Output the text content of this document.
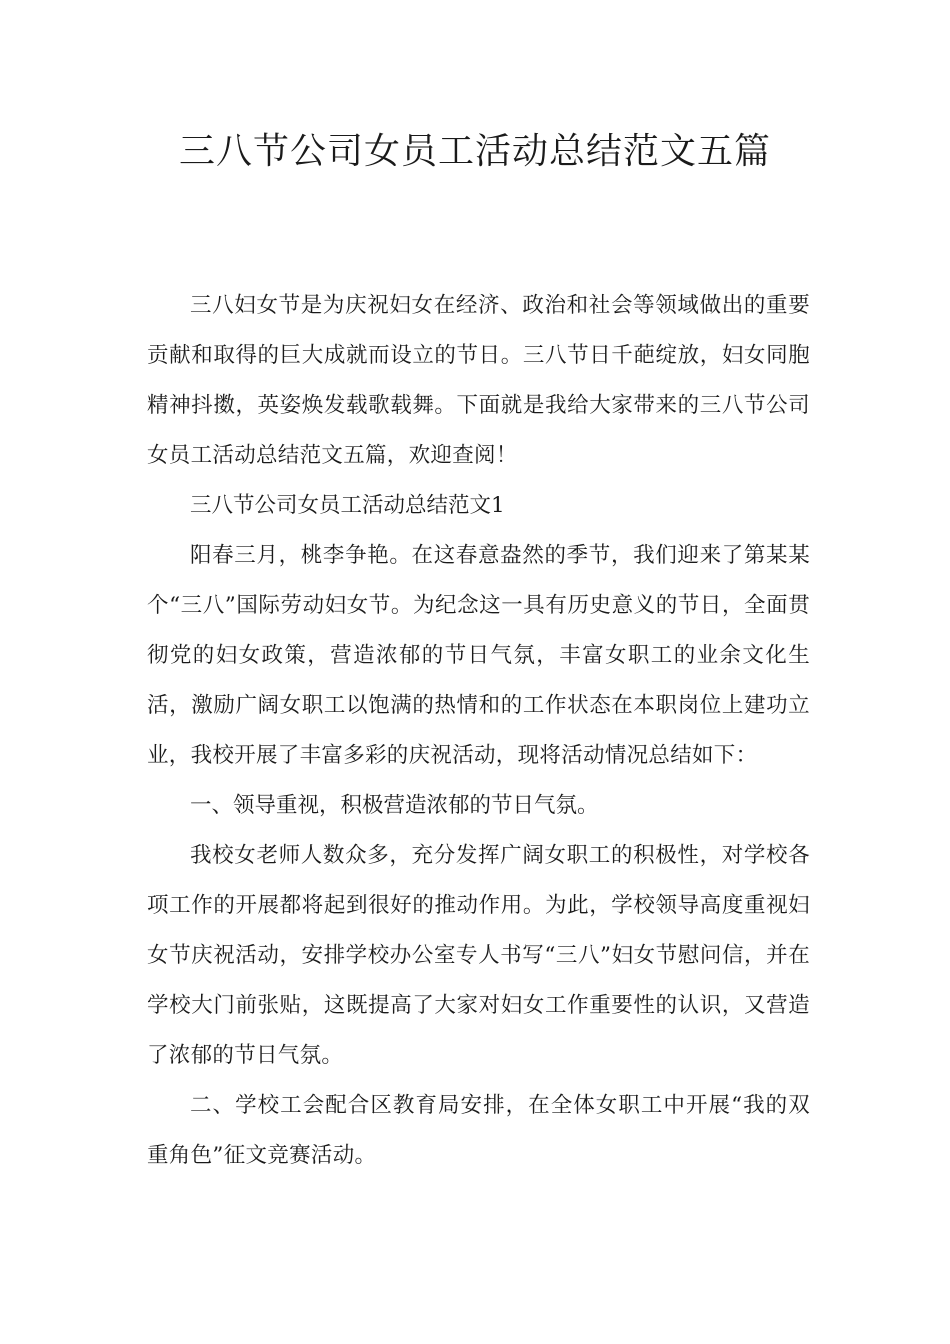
三八节公司女员工活动总结范文五篇

三八妇女节是为庆祝妇女在经济、政治和社会等领域做出的重要贡献和取得的巨大成就而设立的节日。三八节日千葩绽放，妇女同胞精神抖擞，英姿焕发载歌载舞。下面就是我给大家带来的三八节公司女员工活动总结范文五篇，欢迎查阅！

三八节公司女员工活动总结范文1

阳春三月，桃李争艳。在这春意盎然的季节，我们迎来了第某某个“三八”国际劳动妇女节。为纪念这一具有历史意义的节日，全面贯彻党的妇女政策，营造浓郁的节日气氛，丰富女职工的业余文化生活，激励广阔女职工以饱满的热情和的工作状态在本职岗位上建功立业，我校开展了丰富多彩的庆祝活动，现将活动情况总结如下：

一、领导重视，积极营造浓郁的节日气氛。

我校女老师人数众多，充分发挥广阔女职工的积极性，对学校各项工作的开展都将起到很好的推动作用。为此，学校领导高度重视妇女节庆祝活动，安排学校办公室专人书写“三八”妇女节慰问信，并在学校大门前张贴，这既提高了大家对妇女工作重要性的认识，又营造了浓郁的节日气氛。

二、学校工会配合区教育局安排，在全体女职工中开展“我的双重角色”征文竞赛活动。
